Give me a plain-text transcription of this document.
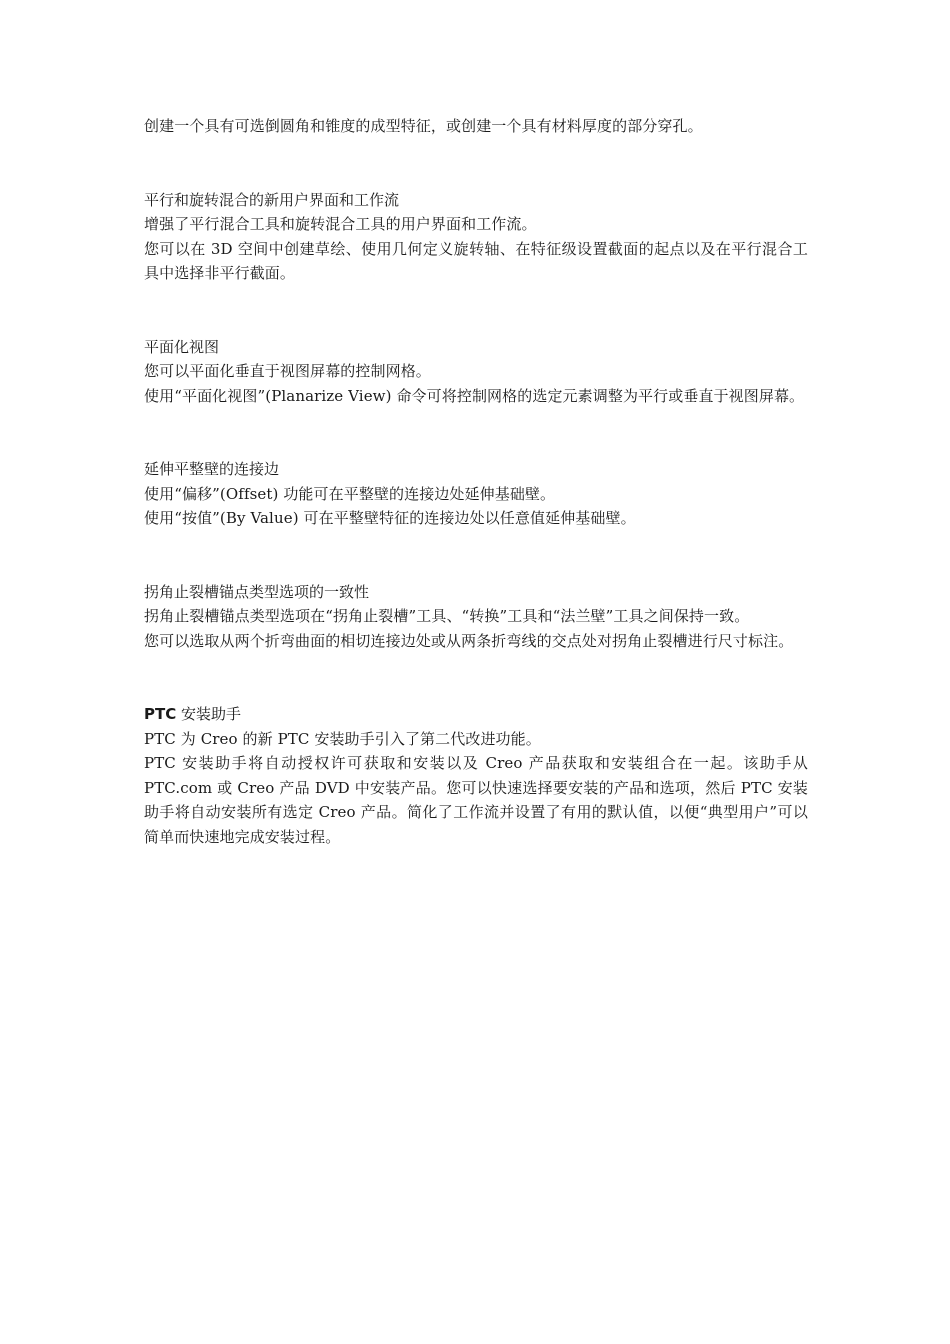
创建一个具有可选倒圆角和锥度的成型特征，或创建一个具有材料厚度的部分穿孔。

平行和旋转混合的新用户界面和工作流

增强了平行混合工具和旋转混合工具的用户界面和工作流。

您可以在 3D 空间中创建草绘、使用几何定义旋转轴、在特征级设置截面的起点以及在平行混合工具中选择非平行截面。

平面化视图

您可以平面化垂直于视图屏幕的控制网格。

使用“平面化视图”(Planarize View) 命令可将控制网格的选定元素调整为平行或垂直于视图屏幕。

延伸平整壁的连接边

使用“偏移”(Offset) 功能可在平整壁的连接边处延伸基础壁。

使用“按值”(By Value) 可在平整壁特征的连接边处以任意值延伸基础壁。

拐角止裂槽锚点类型选项的一致性

拐角止裂槽锚点类型选项在“拐角止裂槽”工具、“转换”工具和“法兰壁”工具之间保持一致。

您可以选取从两个折弯曲面的相切连接边处或从两条折弯线的交点处对拐角止裂槽进行尺寸标注。

PTC 安装助手

PTC 为 Creo 的新 PTC 安装助手引入了第二代改进功能。

PTC 安装助手将自动授权许可获取和安装以及 Creo 产品获取和安装组合在一起。该助手从 PTC.com 或 Creo 产品 DVD 中安装产品。您可以快速选择要安装的产品和选项，然后 PTC 安装助手将自动安装所有选定 Creo 产品。简化了工作流并设置了有用的默认值，以便“典型用户”可以简单而快速地完成安装过程。
